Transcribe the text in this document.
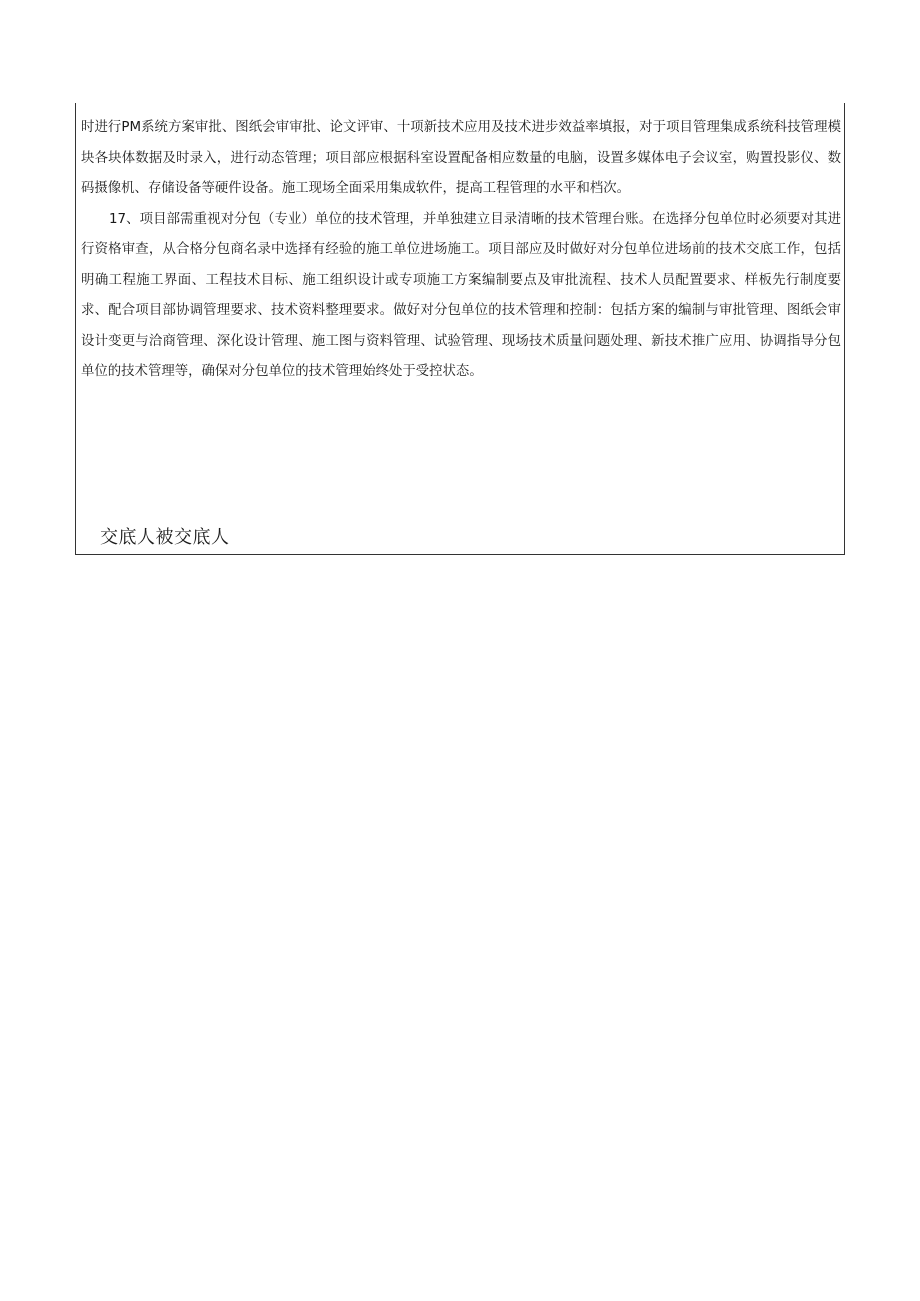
时进行PM系统方案审批、图纸会审审批、论文评审、十项新技术应用及技术进步效益率填报，对于项目管理集成系统科技管理模块各块体数据及时录入，进行动态管理；项目部应根据科室设置配备相应数量的电脑，设置多媒体电子会议室，购置投影仪、数码摄像机、存储设备等硬件设备。施工现场全面采用集成软件，提高工程管理的水平和档次。

17、项目部需重视对分包（专业）单位的技术管理，并单独建立目录清晰的技术管理台账。在选择分包单位时必须要对其进行资格审查，从合格分包商名录中选择有经验的施工单位进场施工。项目部应及时做好对分包单位进场前的技术交底工作，包括明确工程施工界面、工程技术目标、施工组织设计或专项施工方案编制要点及审批流程、技术人员配置要求、样板先行制度要求、配合项目部协调管理要求、技术资料整理要求。做好对分包单位的技术管理和控制：包括方案的编制与审批管理、图纸会审设计变更与洽商管理、深化设计管理、施工图与资料管理、试验管理、现场技术质量问题处理、新技术推广应用、协调指导分包单位的技术管理等，确保对分包单位的技术管理始终处于受控状态。

交底人被交底人
